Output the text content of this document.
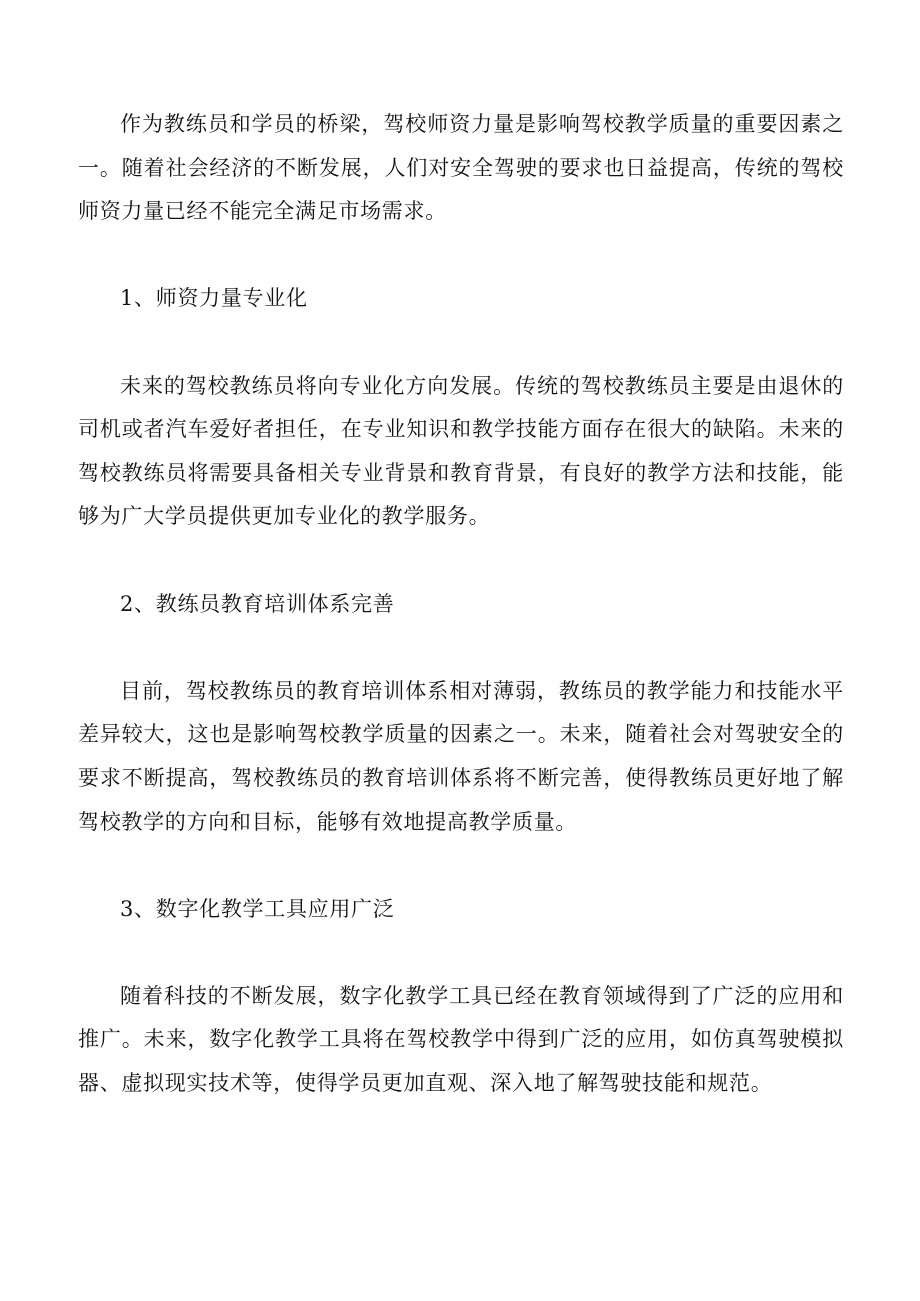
作为教练员和学员的桥梁，驾校师资力量是影响驾校教学质量的重要因素之一。随着社会经济的不断发展，人们对安全驾驶的要求也日益提高，传统的驾校师资力量已经不能完全满足市场需求。

1、师资力量专业化

未来的驾校教练员将向专业化方向发展。传统的驾校教练员主要是由退休的司机或者汽车爱好者担任，在专业知识和教学技能方面存在很大的缺陷。未来的驾校教练员将需要具备相关专业背景和教育背景，有良好的教学方法和技能，能够为广大学员提供更加专业化的教学服务。

2、教练员教育培训体系完善

目前，驾校教练员的教育培训体系相对薄弱，教练员的教学能力和技能水平差异较大，这也是影响驾校教学质量的因素之一。未来，随着社会对驾驶安全的要求不断提高，驾校教练员的教育培训体系将不断完善，使得教练员更好地了解驾校教学的方向和目标，能够有效地提高教学质量。

3、数字化教学工具应用广泛

随着科技的不断发展，数字化教学工具已经在教育领域得到了广泛的应用和推广。未来，数字化教学工具将在驾校教学中得到广泛的应用，如仿真驾驶模拟器、虚拟现实技术等，使得学员更加直观、深入地了解驾驶技能和规范。
